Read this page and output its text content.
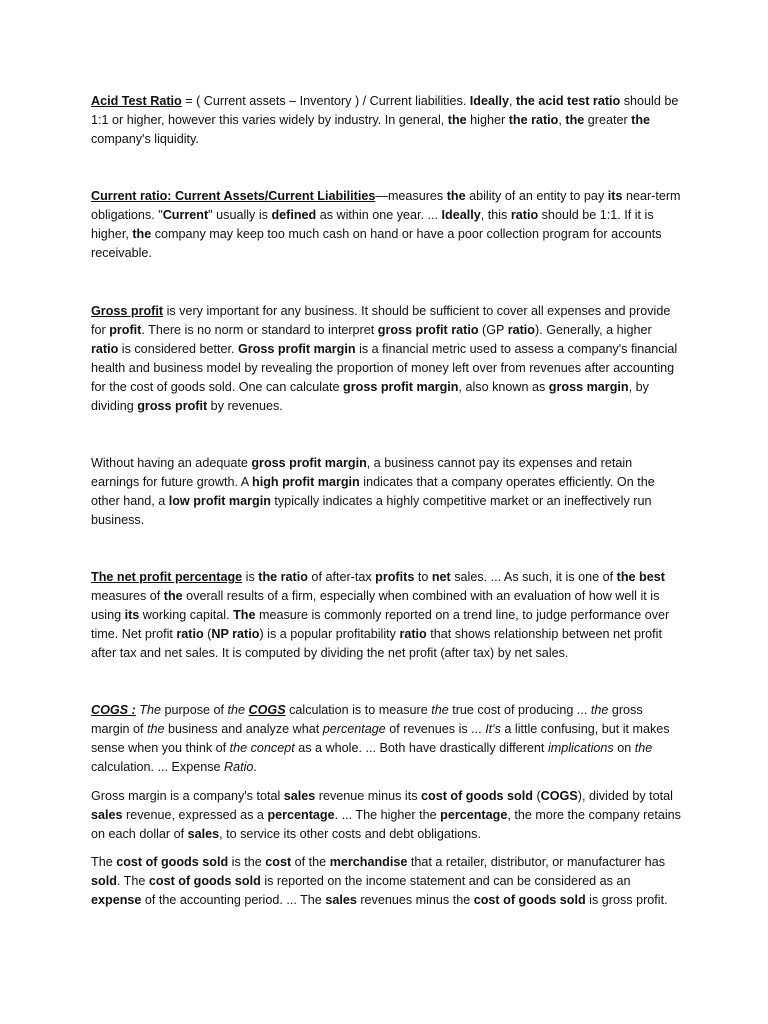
Acid Test Ratio = ( Current assets – Inventory ) / Current liabilities. Ideally, the acid test ratio should be 1:1 or higher, however this varies widely by industry. In general, the higher the ratio, the greater the company's liquidity.

Current ratio: Current Assets/Current Liabilities—measures the ability of an entity to pay its near-term obligations. "Current" usually is defined as within one year. ... Ideally, this ratio should be 1:1. If it is higher, the company may keep too much cash on hand or have a poor collection program for accounts receivable.

Gross profit is very important for any business. It should be sufficient to cover all expenses and provide for profit. There is no norm or standard to interpret gross profit ratio (GP ratio). Generally, a higher ratio is considered better. Gross profit margin is a financial metric used to assess a company's financial health and business model by revealing the proportion of money left over from revenues after accounting for the cost of goods sold. One can calculate gross profit margin, also known as gross margin, by dividing gross profit by revenues.

Without having an adequate gross profit margin, a business cannot pay its expenses and retain earnings for future growth. A high profit margin indicates that a company operates efficiently. On the other hand, a low profit margin typically indicates a highly competitive market or an ineffectively run business.

The net profit percentage is the ratio of after-tax profits to net sales. ... As such, it is one of the best measures of the overall results of a firm, especially when combined with an evaluation of how well it is using its working capital. The measure is commonly reported on a trend line, to judge performance over time. Net profit ratio (NP ratio) is a popular profitability ratio that shows relationship between net profit after tax and net sales. It is computed by dividing the net profit (after tax) by net sales.

COGS : The purpose of the COGS calculation is to measure the true cost of producing ... the gross margin of the business and analyze what percentage of revenues is ... It's a little confusing, but it makes sense when you think of the concept as a whole. ... Both have drastically different implications on the calculation. ... Expense Ratio.

Gross margin is a company's total sales revenue minus its cost of goods sold (COGS), divided by total sales revenue, expressed as a percentage. ... The higher the percentage, the more the company retains on each dollar of sales, to service its other costs and debt obligations.

The cost of goods sold is the cost of the merchandise that a retailer, distributor, or manufacturer has sold. The cost of goods sold is reported on the income statement and can be considered as an expense of the accounting period. ... The sales revenues minus the cost of goods sold is gross profit.
